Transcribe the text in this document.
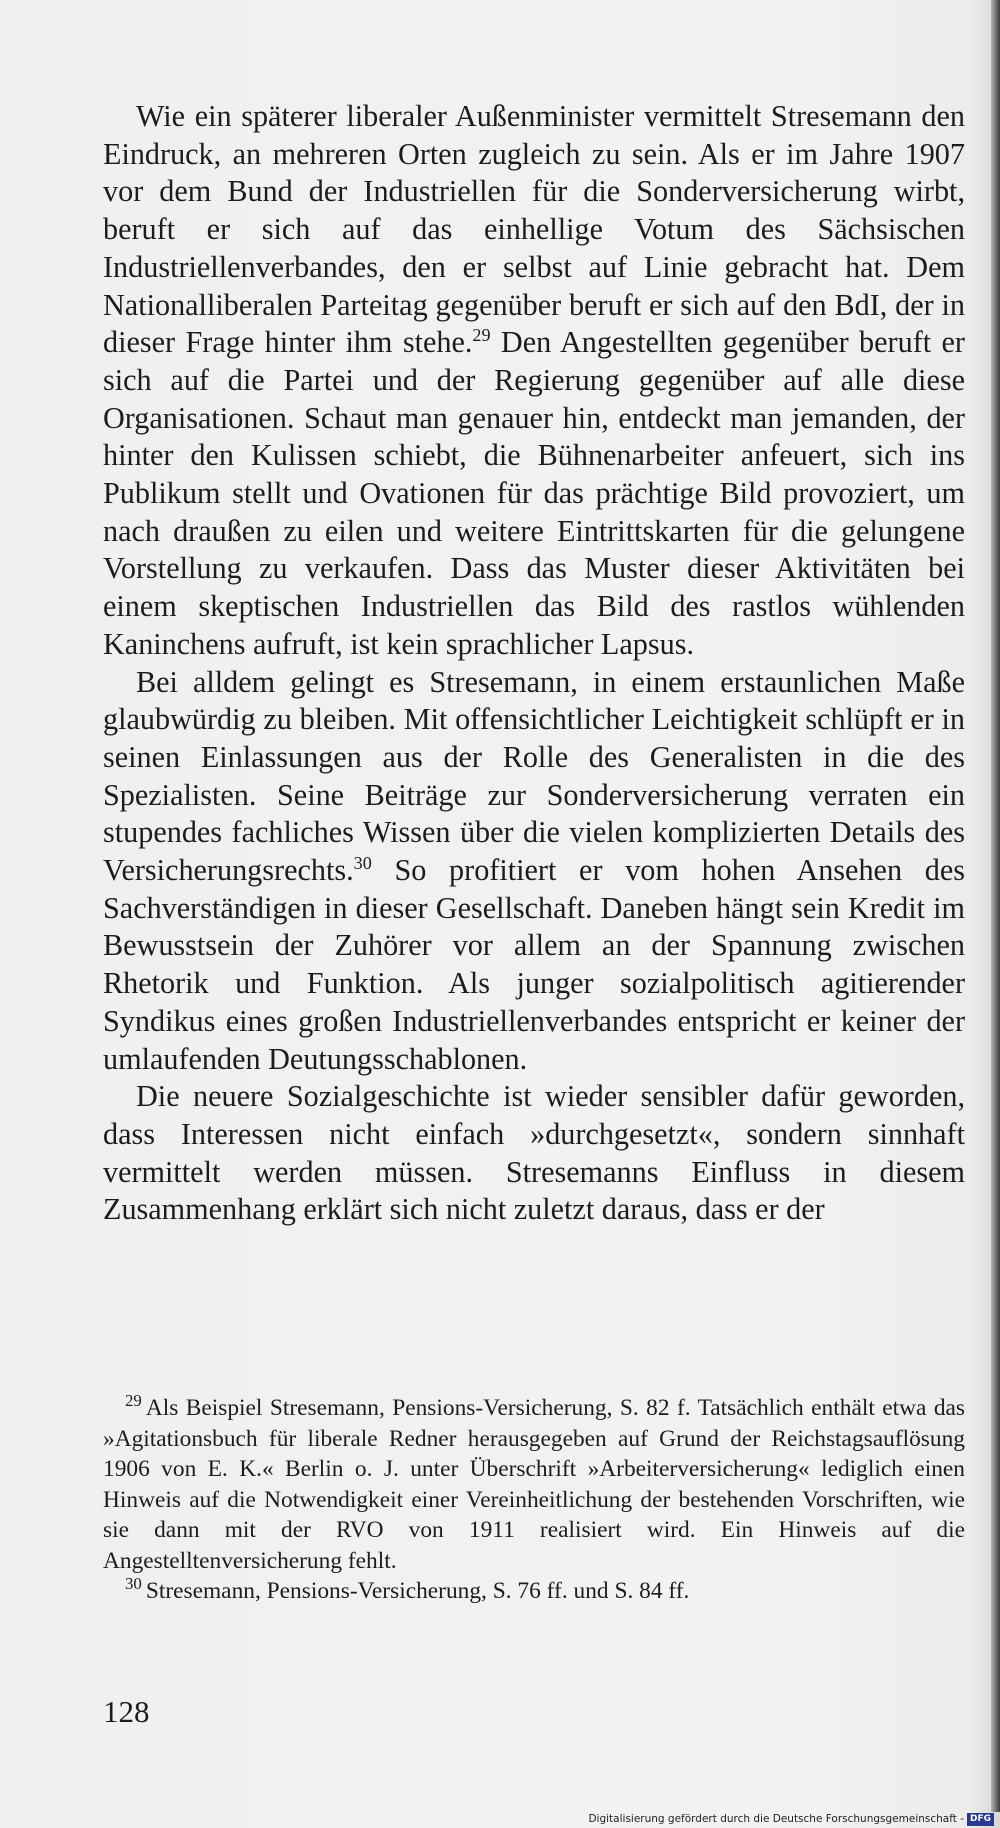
Wie ein späterer liberaler Außenminister vermittelt Stresemann den Eindruck, an mehreren Orten zugleich zu sein. Als er im Jahre 1907 vor dem Bund der Industriellen für die Sonderversicherung wirbt, beruft er sich auf das einhellige Votum des Sächsischen Industriellenverbandes, den er selbst auf Linie gebracht hat. Dem Nationalliberalen Parteitag gegenüber beruft er sich auf den BdI, der in dieser Frage hinter ihm stehe.$^{29}$ Den Angestellten gegenüber beruft er sich auf die Partei und der Regierung gegenüber auf alle diese Organisationen. Schaut man genauer hin, entdeckt man jemanden, der hinter den Kulissen schiebt, die Bühnenarbeiter anfeuert, sich ins Publikum stellt und Ovationen für das prächtige Bild provoziert, um nach draußen zu eilen und weitere Eintrittskarten für die gelungene Vorstellung zu verkaufen. Dass das Muster dieser Aktivitäten bei einem skeptischen Industriellen das Bild des rastlos wühlenden Kaninchens aufruft, ist kein sprachlicher Lapsus.

Bei alldem gelingt es Stresemann, in einem erstaunlichen Maße glaubwürdig zu bleiben. Mit offensichtlicher Leichtigkeit schlüpft er in seinen Einlassungen aus der Rolle des Generalisten in die des Spezialisten. Seine Beiträge zur Sonderversicherung verraten ein stupendes fachliches Wissen über die vielen komplizierten Details des Versicherungsrechts.$^{30}$ So profitiert er vom hohen Ansehen des Sachverständigen in dieser Gesellschaft. Daneben hängt sein Kredit im Bewusstsein der Zuhörer vor allem an der Spannung zwischen Rhetorik und Funktion. Als junger sozialpolitisch agitierender Syndikus eines großen Industriellenverbandes entspricht er keiner der umlaufenden Deutungsschablonen.

Die neuere Sozialgeschichte ist wieder sensibler dafür geworden, dass Interessen nicht einfach »durchgesetzt«, sondern sinnhaft vermittelt werden müssen. Stresemanns Einfluss in diesem Zusammenhang erklärt sich nicht zuletzt daraus, dass er der

$^{29}$ Als Beispiel Stresemann, Pensions-Versicherung, S. 82 f. Tatsächlich enthält etwa das »Agitationsbuch für liberale Redner herausgegeben auf Grund der Reichstagsauflösung 1906 von E. K.« Berlin o. J. unter Überschrift »Arbeiterversicherung« lediglich einen Hinweis auf die Notwendigkeit einer Vereinheitlichung der bestehenden Vorschriften, wie sie dann mit der RVO von 1911 realisiert wird. Ein Hinweis auf die Angestelltenversicherung fehlt.

$^{30}$ Stresemann, Pensions-Versicherung, S. 76 ff. und S. 84 ff.

128

Digitalisierung gefördert durch die Deutsche Forschungsgemeinschaft - DFG
